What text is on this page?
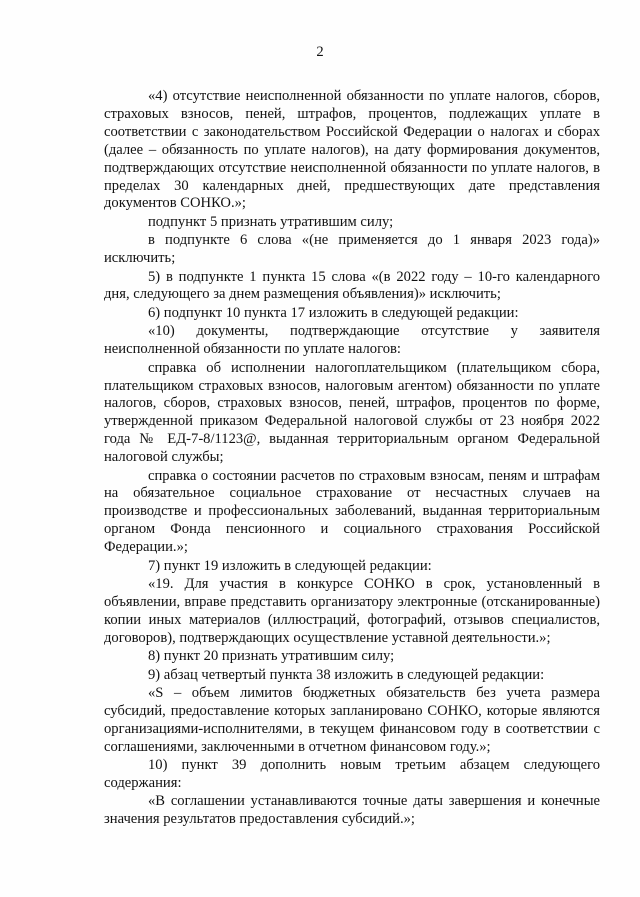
2

«4) отсутствие неисполненной обязанности по уплате налогов, сборов, страховых взносов, пеней, штрафов, процентов, подлежащих уплате в соответствии с законодательством Российской Федерации о налогах и сборах (далее – обязанность по уплате налогов), на дату формирования документов, подтверждающих отсутствие неисполненной обязанности по уплате налогов, в пределах 30 календарных дней, предшествующих дате представления документов СОНКО.»;

подпункт 5 признать утратившим силу;

в подпункте 6 слова «(не применяется до 1 января 2023 года)» исключить;

5) в подпункте 1 пункта 15 слова «(в 2022 году – 10-го календарного дня, следующего за днем размещения объявления)» исключить;

6) подпункт 10 пункта 17 изложить в следующей редакции:

«10) документы, подтверждающие отсутствие у заявителя неисполненной обязанности по уплате налогов:

справка об исполнении налогоплательщиком (плательщиком сбора, плательщиком страховых взносов, налоговым агентом) обязанности по уплате налогов, сборов, страховых взносов, пеней, штрафов, процентов по форме, утвержденной приказом Федеральной налоговой службы от 23 ноября 2022 года № ЕД-7-8/1123@, выданная территориальным органом Федеральной налоговой службы;

справка о состоянии расчетов по страховым взносам, пеням и штрафам на обязательное социальное страхование от несчастных случаев на производстве и профессиональных заболеваний, выданная территориальным органом Фонда пенсионного и социального страхования Российской Федерации.»;

7) пункт 19 изложить в следующей редакции:

«19. Для участия в конкурсе СОНКО в срок, установленный в объявлении, вправе представить организатору электронные (отсканированные) копии иных материалов (иллюстраций, фотографий, отзывов специалистов, договоров), подтверждающих осуществление уставной деятельности.»;

8) пункт 20 признать утратившим силу;

9) абзац четвертый пункта 38 изложить в следующей редакции:

«S – объем лимитов бюджетных обязательств без учета размера субсидий, предоставление которых запланировано СОНКО, которые являются организациями-исполнителями, в текущем финансовом году в соответствии с соглашениями, заключенными в отчетном финансовом году.»;

10) пункт 39 дополнить новым третьим абзацем следующего содержания:

«В соглашении устанавливаются точные даты завершения и конечные значения результатов предоставления субсидий.»;
